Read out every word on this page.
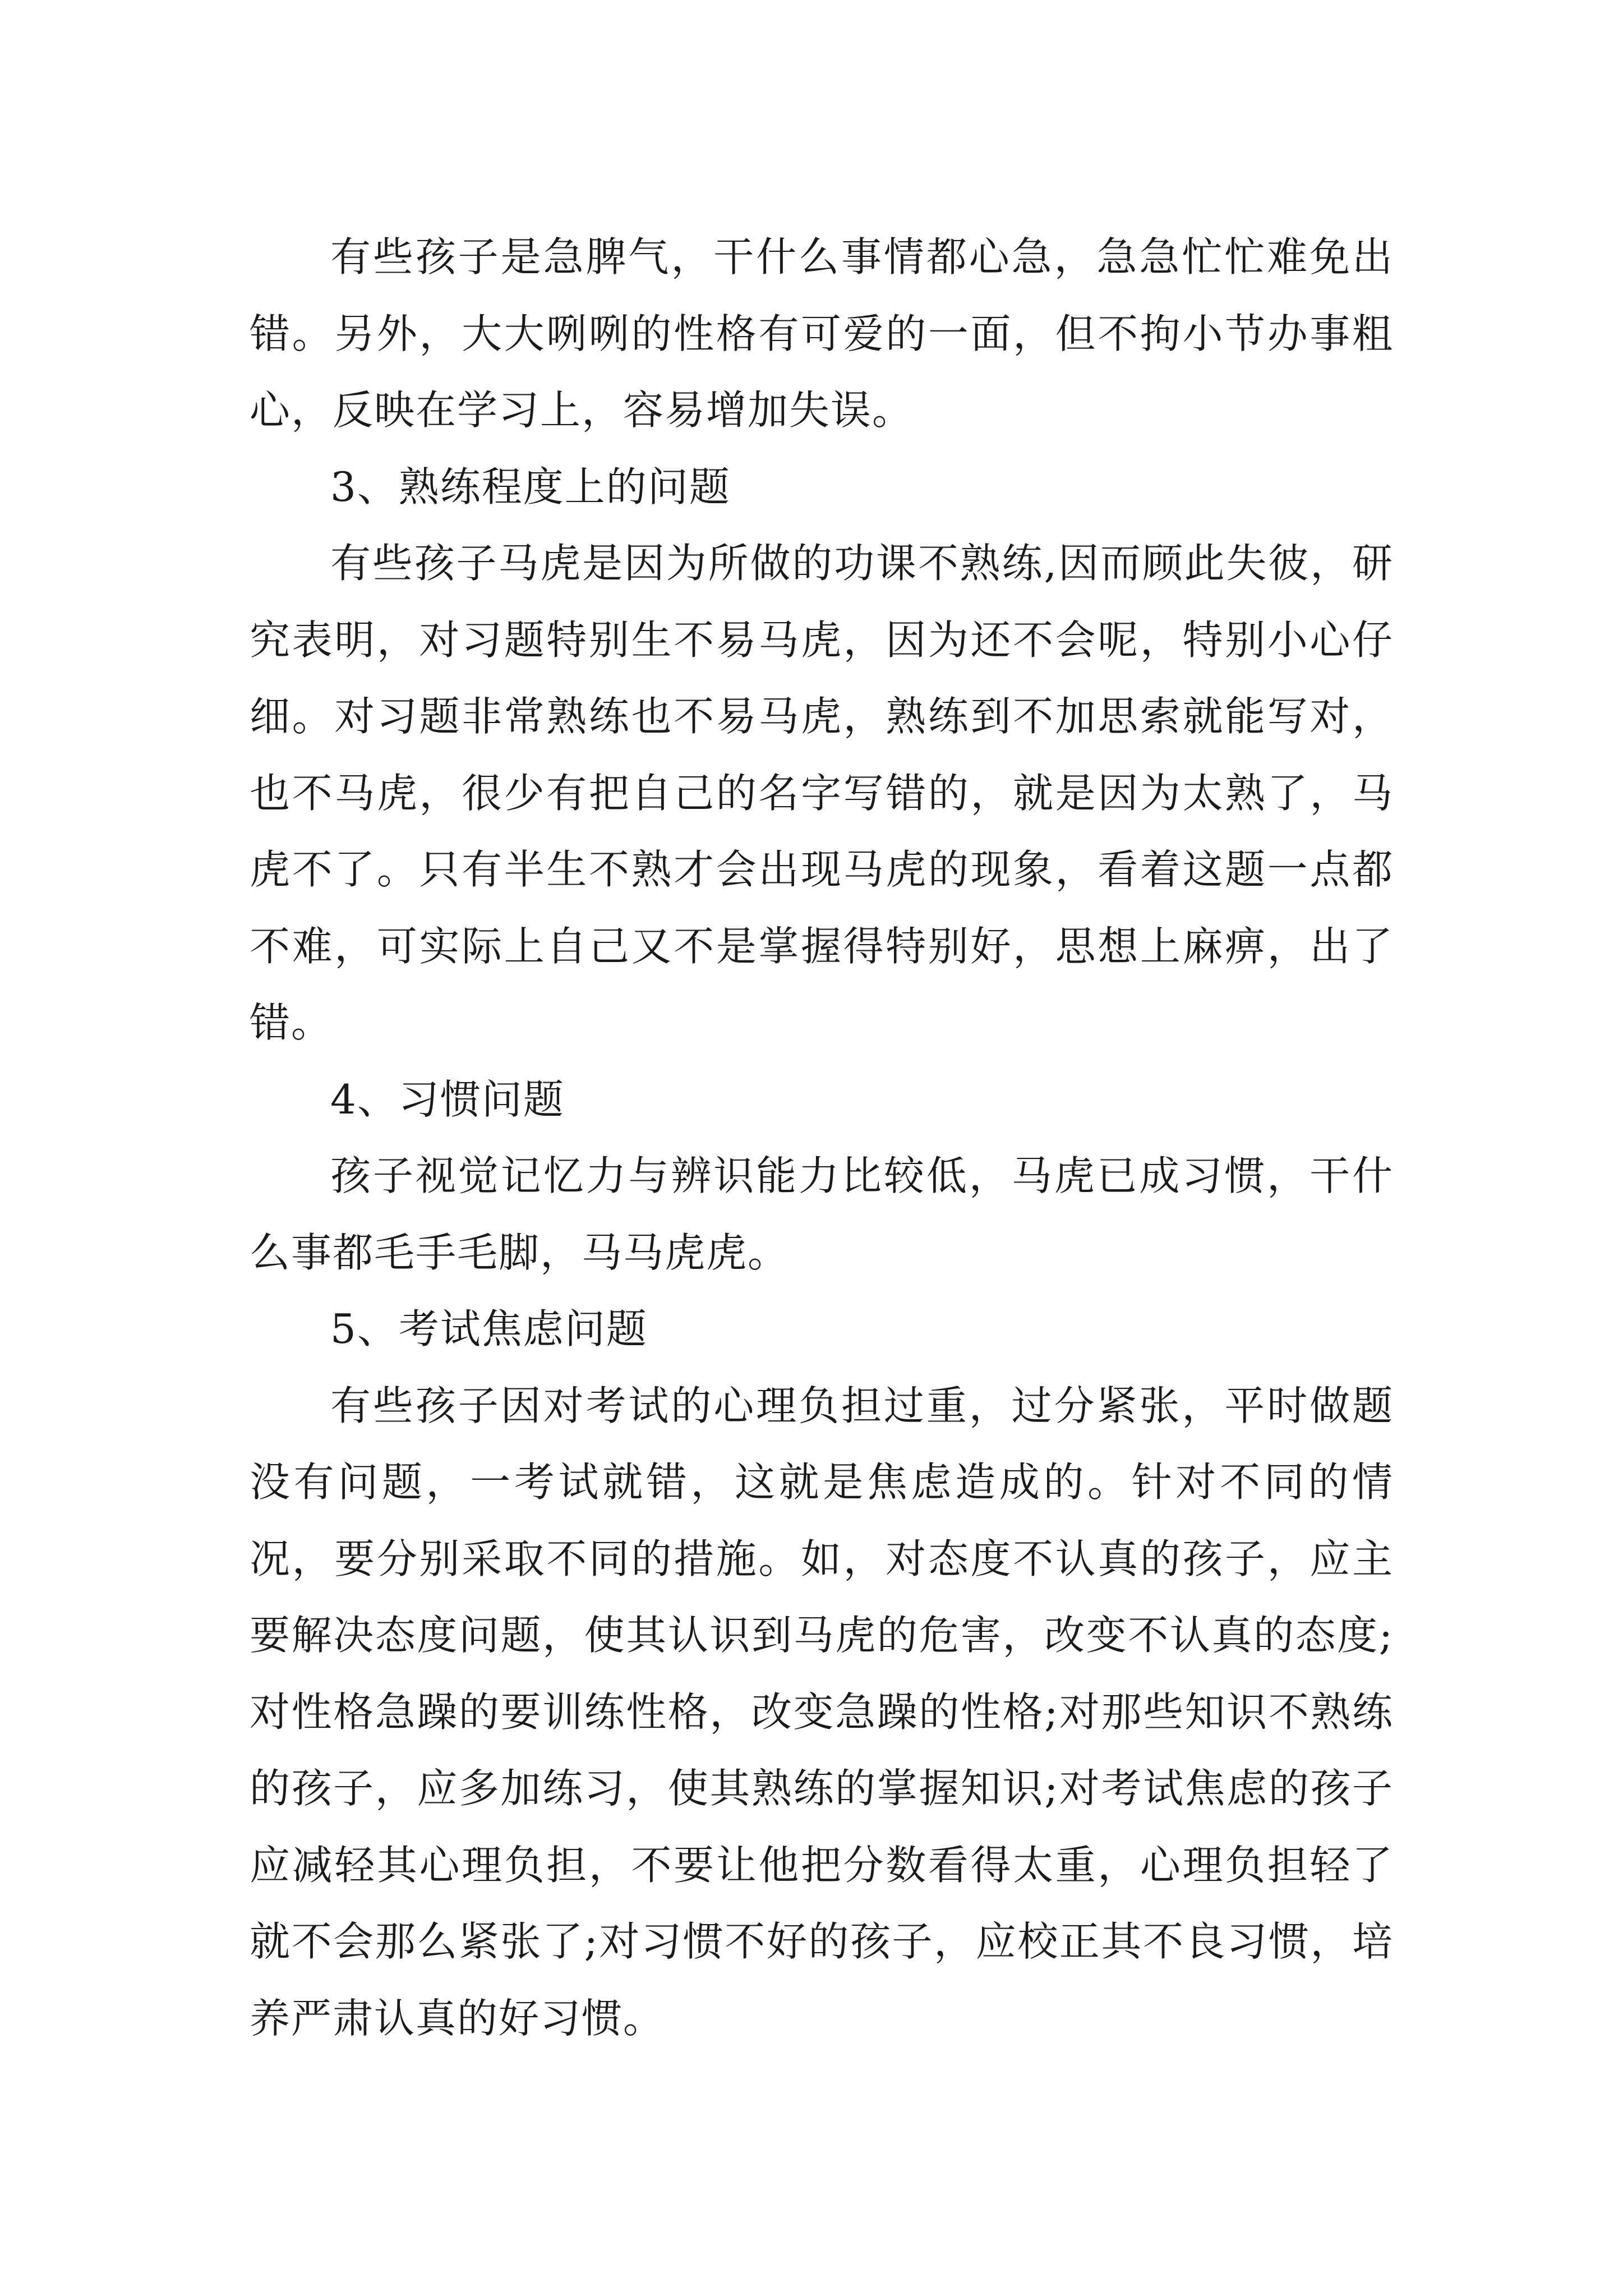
有些孩子是急脾气，干什么事情都心急，急急忙忙难免出错。另外，大大咧咧的性格有可爱的一面，但不拘小节办事粗心，反映在学习上，容易增加失误。

3、熟练程度上的问题

有些孩子马虎是因为所做的功课不熟练,因而顾此失彼，研究表明，对习题特别生不易马虎，因为还不会呢，特别小心仔细。对习题非常熟练也不易马虎，熟练到不加思索就能写对，也不马虎，很少有把自己的名字写错的，就是因为太熟了，马虎不了。只有半生不熟才会出现马虎的现象，看着这题一点都不难，可实际上自己又不是掌握得特别好，思想上麻痹，出了错。

4、习惯问题

孩子视觉记忆力与辨识能力比较低，马虎已成习惯，干什么事都毛手毛脚，马马虎虎。

5、考试焦虑问题

有些孩子因对考试的心理负担过重，过分紧张，平时做题没有问题，一考试就错，这就是焦虑造成的。针对不同的情况，要分别采取不同的措施。如，对态度不认真的孩子，应主要解决态度问题，使其认识到马虎的危害，改变不认真的态度;对性格急躁的要训练性格，改变急躁的性格;对那些知识不熟练的孩子，应多加练习，使其熟练的掌握知识;对考试焦虑的孩子应减轻其心理负担，不要让他把分数看得太重，心理负担轻了就不会那么紧张了;对习惯不好的孩子，应校正其不良习惯，培养严肃认真的好习惯。
